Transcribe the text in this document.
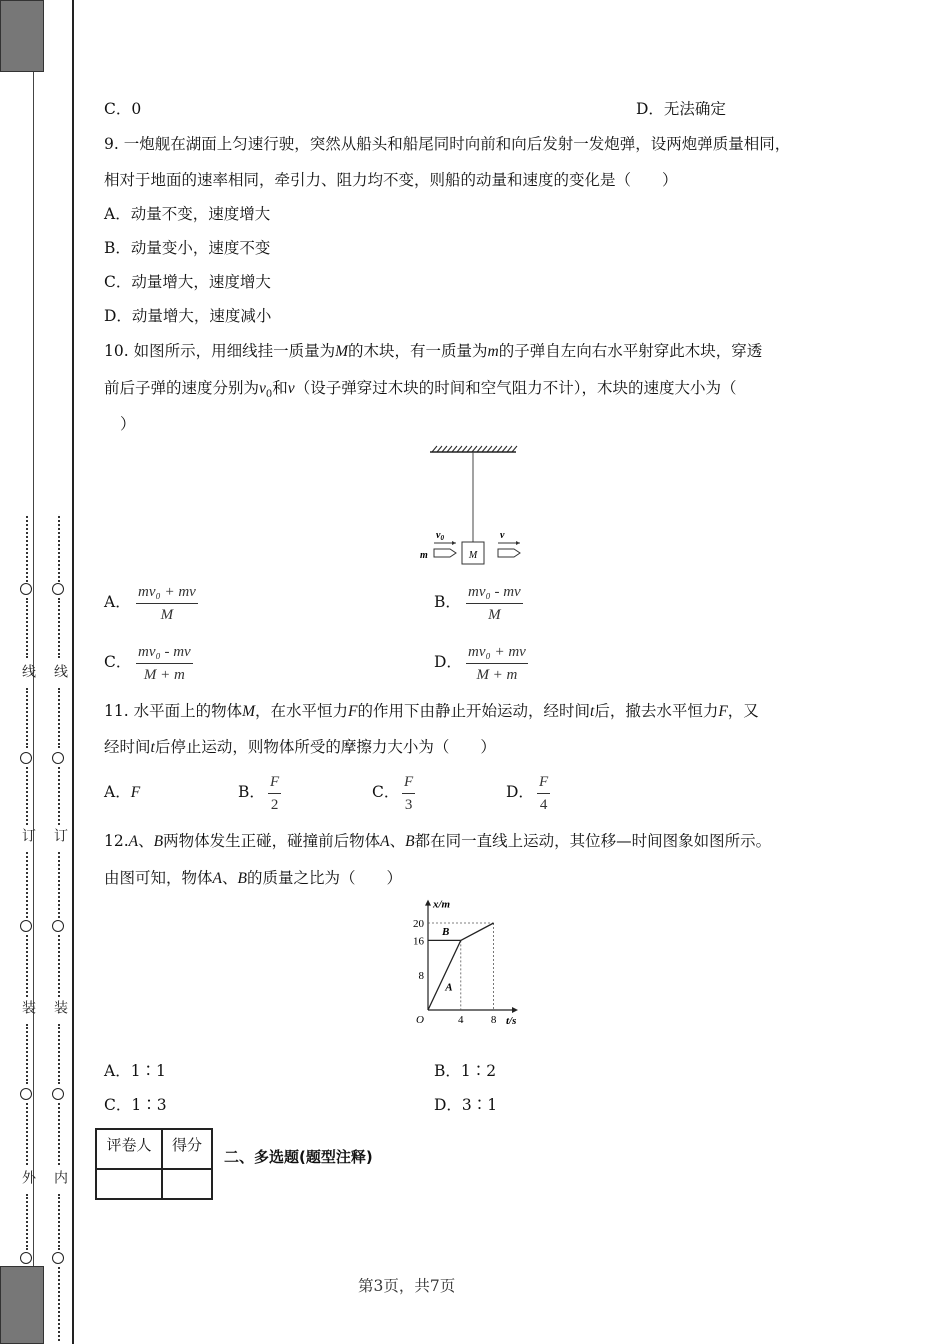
线
订
装
外
线
订
装
内
C．0	D．无法确定
9. 一炮舰在湖面上匀速行驶，突然从船头和船尾同时向前和向后发射一发炮弹，设两炮弹质量相同，
相对于地面的速率相同，牵引力、阻力均不变，则船的动量和速度的变化是（　　）
A．动量不变，速度增大
B．动量变小，速度不变
C．动量增大，速度增大
D．动量增大，速度减小
10. 如图所示，用细线挂一质量为M的木块，有一质量为m的子弹自左向右水平射穿此木块，穿透
前后子弹的速度分别为$v_0$和v（设子弹穿过木块的时间和空气阻力不计），木块的速度大小为（
）
M
m
$v_0$	v
A． $\frac{\text{mv₀ + mv}}{M}$	B． $\frac{\text{mv₀ - mv}}{M}$
C． $\frac{\text{mv₀ - mv}}{M + m}$	D． $\frac{\text{mv₀ + mv}}{M + m}$
11. 水平面上的物体M，在水平恒力F的作用下由静止开始运动，经时间t后，撤去水平恒力F，又
经时间t后停止运动，则物体所受的摩擦力大小为（　　）
A．F	B． $\frac{F}{2}$	C． $\frac{F}{3}$	D． $\frac{F}{4}$
12.A、B两物体发生正碰，碰撞前后物体A、B都在同一直线上运动，其位移—时间图象如图所示。
由图可知，物体A、B的质量之比为（　　）
x/m
t/s
O	4 8
8
16
20
A
B
A．1∶1	B．1∶2
C．1∶3	D．3∶1
评卷人	得分

二、多选题(题型注释)
第3页，共7页
